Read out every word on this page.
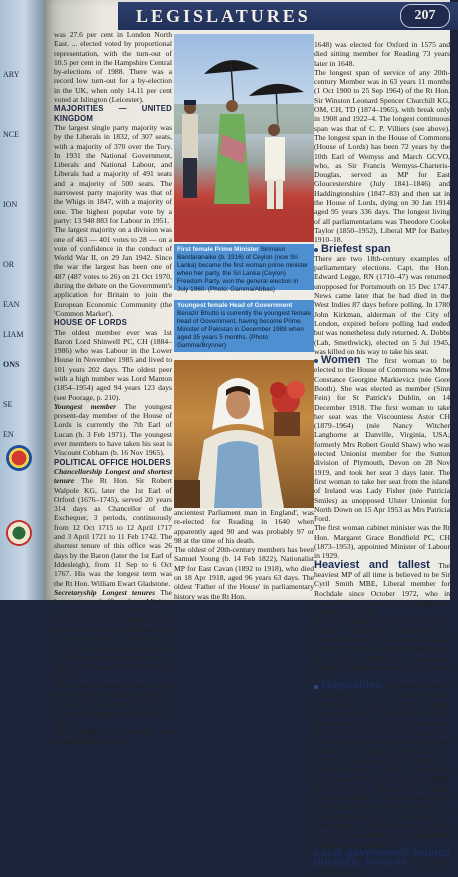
ARY
NCE
ION
OR
EAN
LIAM
ONS
SE
EN
LEGISLATURES	207

was 27.6 per cent in London North East. ... elected voted by proportional representation, with the turn-out of 10.5 per cent in the Hampshire Central by-elections of 1988. There was a record low turn-out for a by-election in the UK, when only 14.11 per cent voted at Islington (Leicester).

MAJORITIES — UNITED KINGDOM

The largest single party majority was by the Liberals in 1832, of 307 seats, with a majority of 370 over the Tory. In 1931 the National Government, Liberals and National Labour, and Liberals had a majority of 491 seats and a majority of 500 seats. The narrowest party majority was that of the Whigs in 1847, with a majority of one. The highest popular vote by a party: 13 948 883 for Labour in 1951.

The largest majority on a division was one of 463 — 401 votes to 28 — on a vote of confidence in the conduct of World War II, on 29 Jan 1942. Since the war the largest has been one of 487 (487 votes to 26) on 21 Oct 1970, during the debate on the Government's application for Britain to join the European Economic Community (the 'Common Market').

HOUSE OF LORDS

The oldest member ever was 1st Baron Lord Shinwell PC, CH (1884–1986) who was Labour in the Lower House in November 1985 and lived to 101 years 202 days. The oldest peer with a high number was Lord Manton (1854–1954) aged 94 years 123 days (see Poorage, p. 210).

Youngest member The youngest present-day member of the House of Lords is currently the 7th Earl of Lucan (b. 3 Feb 1971). The youngest ever members to have taken his seat is Viscount Cobham (b. 16 Nov 1965).

POLITICAL OFFICE HOLDERS

Chancellorship Longest and shortest tenure The Rt Hon. Sir Robert Walpole KG, later the 1st Earl of Orford (1676–1745), served 20 years 314 days as Chancellor of the Exchequer, 3 periods, continuously from 12 Oct 1715 to 12 April 1717 and 3 April 1721 to 11 Feb 1742. The shortest tenure of this office was 26 days by the Baron (later the 1st Earl of Iddesleigh), from 11 Sep to 6 Oct 1767. His was the longest term was the Rt Hon. William Ewart Gladstone.

Secretaryship Longest tenures The longest term of office of any Minister of State was the 10 years 359 days of the Rt Hon. Thomas Pelham-Holles (later Viscount Grey of Fallodon KG) from 10 Dec 1905 to 10 Dec 1916. The Rt Hon. Henry Addington served as Foreign Secretary from 1915 to 1918 and terms spells in 1830–34 and 1835–41.

The longest 'speaker' was Arthur Onslow who was elected Speaker on 23 Jan 1728, and served for 33 years 43 days, including the five 'lost' 11 days.

The youngest ever woman was Bernadette Devlin, now

First female Prime Minister Sirimavo Bandaranaike (b. 1916) of Ceylon (now Sri Lanka) became the first woman prime minister when her party, the Sri Lanka (Ceylon) Freedom Party, won the general election in July 1960. (Photo: Gamma/Abbas)
Youngest female Head of Government Benazir Bhutto is currently the youngest female head of Government, having become Prime Minister of Pakistan in December 1988 when aged 35 years 5 months. (Photo: Gamma/Brynner)

ancientest Parliament man in England', was re-elected for Reading in 1640 when apparently aged 90 and was probably 97 or 98 at the time of his death.

The oldest of 20th-century members has been Samuel Young (b. 14 Feb 1822), Nationalist MP for East Cavan (1892 to 1918), who died on 18 Apr 1918, aged 96 years 63 days. The oldest 'Father of the House' in parliamentary history was the Rt Hon.

1648) was elected for Oxford in 1575 and died sitting member for Reading 73 years later in 1648.

The longest span of service of any 20th-century Member was in 63 years 11 months (1 Oct 1900 to 25 Sep 1964) of the Rt Hon. Sir Winston Leonard Spencer Churchill KG, OM, CH, TD (1874–1965), with break only in 1908 and 1922–4. The longest continuous span was that of C. P. Villiers (see above). The longest span in the House of Commons (House of Lords) has been 72 years by the 10th Earl of Wemyss and March GCVO, who, as Sir Francis Wemyss-Charteris-Douglas, served as MP for East Gloucestershire (July 1841–1846) and Haddingtonshire (1847–83) and then sat in the House of Lords, dying on 30 Jan 1914 aged 95 years 336 days. The longest living of all parliamentarians was Theodore Cooke Taylor (1850–1952), Liberal MP for Batley 1910–18.

Briefest span

There are two 18th-century examples of parliamentary elections. Capt. the Hon. Edward Legge, RN (1710–47) was returned unopposed for Portsmouth on 15 Dec 1747. News came later that he had died in the West Indies 87 days before polling. In 1780 John Kirkman, alderman of the City of London, expired before polling had ended but was nonetheless duly returned. A. Dobbs (Lab, Smethwick), elected on 5 Jul 1945, was killed on his way to take his seat.

Women The first woman to be elected to the House of Commons was Mme Constance Georgine Markievicz (née Gore Booth). She was elected as member (Sinn Fein) for St Patrick's Dublin, on 14 December 1918. The first woman to take her seat was the Viscountess Astor CH (1879–1964) (née Nancy Witcher Langhorne at Danville, Virginia, USA; formerly Mrs Robert Gould Shaw) who was elected Unionist member for the Sutton division of Plymouth, Devon on 28 Nov 1919, and took her seat 3 days later. The first woman to take her seat from the island of Ireland was Lady Fisher (née Patricia Smiles) as unopposed Ulster Unionist for North Down on 15 Apr 1953 as Mrs Patricia Ford.

The first woman cabinet minister was the Rt Hon. Margaret Grace Bondfield PC, CH (1873–1953), appointed Minister of Labour in 1929.

Heaviest and tallest The heaviest MP of all time is believed to be Sir Cyril Smith MBE, Liberal member for Rochdale since October 1972, who in January 1976 his peak reported weight was 189.6 kg 29 st 12 lb.

Sir Louis Gluckstein GBE, TD, QC (1897–1979), Conservative member for Nottingham East 1931–45, was an estimated 2.01 m 6 ft 7½ in. Currently the tallest is the Hon. Archie Hamilton, Conservative member for Epsom and Ewell, at 1.96 m 6 ft 5½ in.

Mayoralties The longest recorded mayoralty was that of Edmond Mathis (1852–1970), mayor of Ehuns, Haute-Saône, France for 75 years (1878 to 1953). The mayoralty of the City of London has been held since 1192 with the 20-year term of Henry Fitz-Ailwyn until 1212. The most elections, seven times, became annual in 1215, has been eight by Gregory de Rokesley (1274–5 to 1280–1). The earliest mayor recorded by the City of York, Nigel, dates from 1142. Alderman G. T. Pardue served as Mayor of Trevel, Kent for 26 consecutive years from 1963 to 1987. Cllr Denis Martineau was Lord Mayor of Birmingham in (1967), following a direct line from his grandfather, great grandfather and great great grandfather.

Local government service duration records The oldest local office was
